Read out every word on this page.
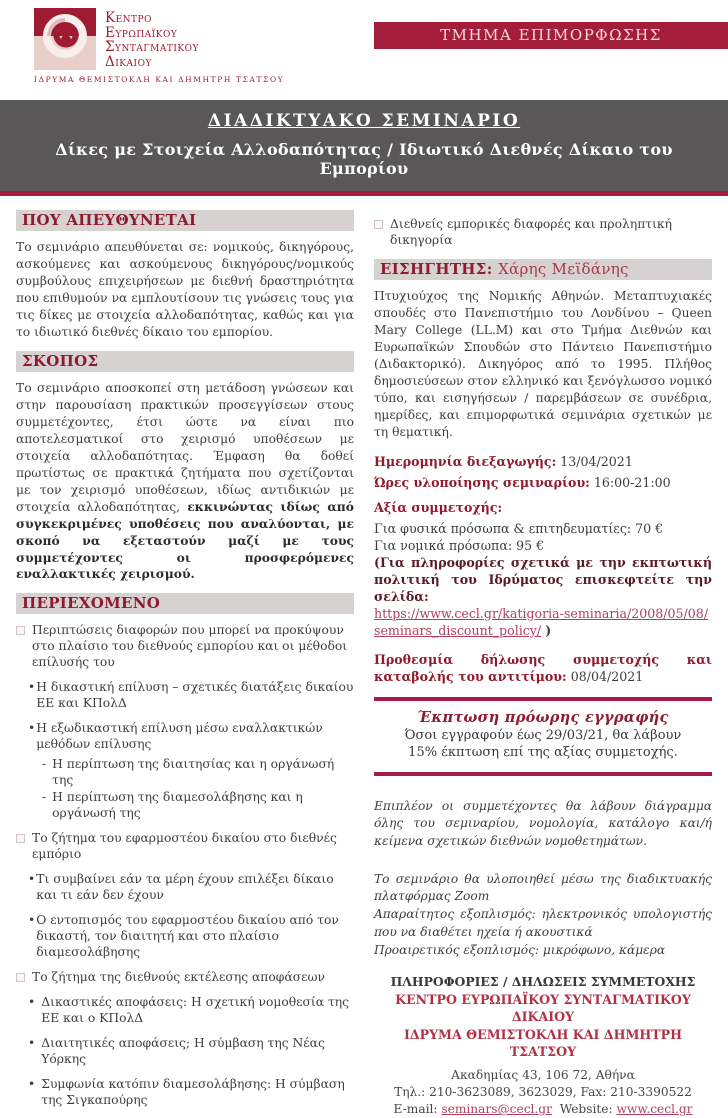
Κεντρο
Ευρωπαϊκου
Συνταγματικου
Δικαιου
ΙΔΡΥΜΑ ΘΕΜΙΣΤΟΚΛΗ ΚΑΙ ΔΗΜΗΤΡΗ ΤΣΑΤΣΟΥ
ΤΜΗΜΑ ΕΠΙΜΟΡΦΩΣΗΣ
ΔΙΑΔΙΚΤΥΑΚΟ ΣΕΜΙΝΑΡΙΟ
Δίκες με Στοιχεία Αλλοδαπότητας / Ιδιωτικό Διεθνές Δίκαιο του Εμπορίου
ΠΟΥ ΑΠΕΥΘΥΝΕΤΑΙ

Το σεμινάριο απευθύνεται σε: νομικούς, δικηγόρους, ασκούμενες και ασκούμενους δικηγόρους/νομικούς συμβούλους επιχειρήσεων με διεθνή δραστηριότητα που επιθυμούν να εμπλουτίσουν τις γνώσεις τους για τις δίκες με στοιχεία αλλοδαπότητας, καθώς και για το ιδιωτικό διεθνές δίκαιο του εμπορίου.

ΣΚΟΠΟΣ

Το σεμινάριο αποσκοπεί στη μετάδοση γνώσεων και στην παρουσίαση πρακτικών προσεγγίσεων στους συμμετέχοντες, έτσι ώστε να είναι πιο αποτελεσματικοί στο χειρισμό υποθέσεων με στοιχεία αλλοδαπότητας. Έμφαση θα δοθεί πρωτίστως σε πρακτικά ζητήματα που σχετίζονται με τον χειρισμό υποθέσεων, ιδίως αντιδικιών με στοιχεία αλλοδαπότητας, εκκινώντας ιδίως από συγκεκριμένες υποθέσεις που αναλύονται, με σκοπό να εξεταστούν μαζί με τους συμμετέχοντες οι προσφερόμενες εναλλακτικές χειρισμού.

ΠΕΡΙΕΧΟΜΕΝΟ
Περιπτώσεις διαφορών που μπορεί να προκύψουν στο πλαίσιο του διεθνούς εμπορίου και οι μέθοδοι επίλυσής του
• Η δικαστική επίλυση – σχετικές διατάξεις δικαίου ΕΕ και ΚΠολΔ
• Η εξωδικαστική επίλυση μέσω εναλλακτικών μεθόδων επίλυσης
- Η περίπτωση της διαιτησίας και η οργάνωσή της
- Η περίπτωση της διαμεσολάβησης και η οργάνωσή της
Το ζήτημα του εφαρμοστέου δικαίου στο διεθνές εμπόριο
• Τι συμβαίνει εάν τα μέρη έχουν επιλέξει δίκαιο και τι εάν δεν έχουν
• Ο εντοπισμός του εφαρμοστέου δικαίου από τον δικαστή, τον διαιτητή και στο πλαίσιο διαμεσολάβησης
Το ζήτημα της διεθνούς εκτέλεσης αποφάσεων
• Δικαστικές αποφάσεις: Η σχετική νομοθεσία της ΕΕ και ο ΚΠολΔ
• Διαιτητικές αποφάσεις; Η σύμβαση της Νέας Υόρκης
• Συμφωνία κατόπιν διαμεσολάβησης: Η σύμβαση της Σιγκαπούρης
Διεθνείς εμπορικές διαφορές και προληπτική δικηγορία
ΕΙΣΗΓΗΤΗΣ: Χάρης Μεϊδάνης

Πτυχιούχος της Νομικής Αθηνών. Μεταπτυχιακές σπουδές στο Πανεπιστήμιο του Λονδίνου – Queen Mary College (LL.M) και στο Τμήμα Διεθνών και Ευρωπαϊκών Σπουδών στο Πάντειο Πανεπιστήμιο (Διδακτορικό). Δικηγόρος από το 1995. Πλήθος δημοσιεύσεων στον ελληνικό και ξενόγλωσσο νομικό τύπο, και εισηγήσεων / παρεμβάσεων σε συνέδρια, ημερίδες, και επιμορφωτικά σεμινάρια σχετικών με τη θεματική.

Ημερομηνία διεξαγωγής: 13/04/2021
Ώρες υλοποίησης σεμιναρίου: 16:00-21:00
Αξία συμμετοχής:
Για φυσικά πρόσωπα & επιτηδευματίες: 70 €
Για νομικά πρόσωπα: 95 €
(Για πληροφορίες σχετικά με την εκπτωτική πολιτική του Ιδρύματος επισκεφτείτε την σελίδα:
https://www.cecl.gr/katigoria-seminaria/2008/05/08/seminars_discount_policy/ )
Προθεσμία δήλωσης συμμετοχής και καταβολής του αντιτίμου: 08/04/2021
Έκπτωση πρόωρης εγγραφής
Όσοι εγγραφούν έως 29/03/21, θα λάβουν
15% έκπτωση επί της αξίας συμμετοχής.

Επιπλέον οι συμμετέχοντες θα λάβουν διάγραμμα όλης του σεμιναρίου, νομολογία, κατάλογο και/ή κείμενα σχετικών διεθνών νομοθετημάτων.

Το σεμινάριο θα υλοποιηθεί μέσω της διαδικτυακής πλατφόρμας Zoom

Απαραίτητος εξοπλισμός: ηλεκτρονικός υπολογιστής που να διαθέτει ηχεία ή ακουστικά

Προαιρετικός εξοπλισμός: μικρόφωνο, κάμερα

ΠΛΗΡΟΦΟΡΙΕΣ / ΔΗΛΩΣΕΙΣ ΣΥΜΜΕΤΟΧΗΣ
ΚΕΝΤΡΟ ΕΥΡΩΠΑΪΚΟΥ ΣΥΝΤΑΓΜΑΤΙΚΟΥ ΔΙΚΑΙΟΥ
ΙΔΡΥΜΑ ΘΕΜΙΣΤΟΚΛΗ ΚΑΙ ΔΗΜΗΤΡΗ ΤΣΑΤΣΟΥ
Ακαδημίας 43, 106 72, Αθήνα
Τηλ.: 210-3623089, 3623029, Fax: 210-3390522
E-mail: seminars@cecl.gr Website: www.cecl.gr
